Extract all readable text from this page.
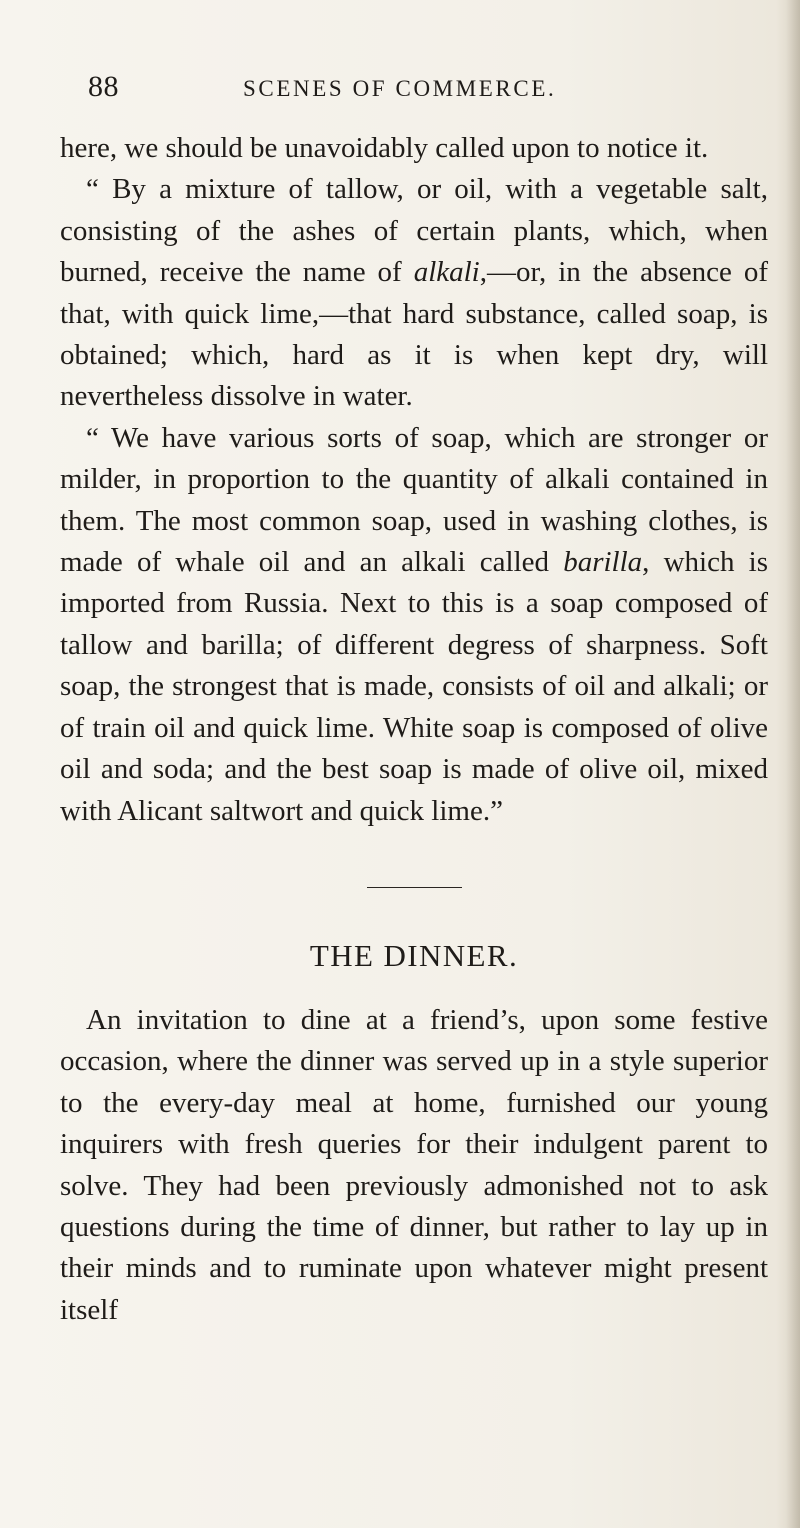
88	SCENES OF COMMERCE.

here, we should be unavoidably called upon to notice it.

“ By a mixture of tallow, or oil, with a vegetable salt, consisting of the ashes of certain plants, which, when burned, receive the name of alkali,—or, in the absence of that, with quick lime,—that hard substance, called soap, is obtained; which, hard as it is when kept dry, will nevertheless dissolve in water.

“ We have various sorts of soap, which are stronger or milder, in proportion to the quantity of alkali contained in them. The most common soap, used in washing clothes, is made of whale oil and an alkali called barilla, which is imported from Russia. Next to this is a soap composed of tallow and barilla; of different degress of sharpness. Soft soap, the strongest that is made, consists of oil and alkali; or of train oil and quick lime. White soap is composed of olive oil and soda; and the best soap is made of olive oil, mixed with Alicant saltwort and quick lime.”

THE DINNER.

An invitation to dine at a friend’s, upon some festive occasion, where the dinner was served up in a style superior to the every-day meal at home, furnished our young inquirers with fresh queries for their indulgent parent to solve. They had been previously admonished not to ask questions during the time of dinner, but rather to lay up in their minds and to ruminate upon whatever might present itself
